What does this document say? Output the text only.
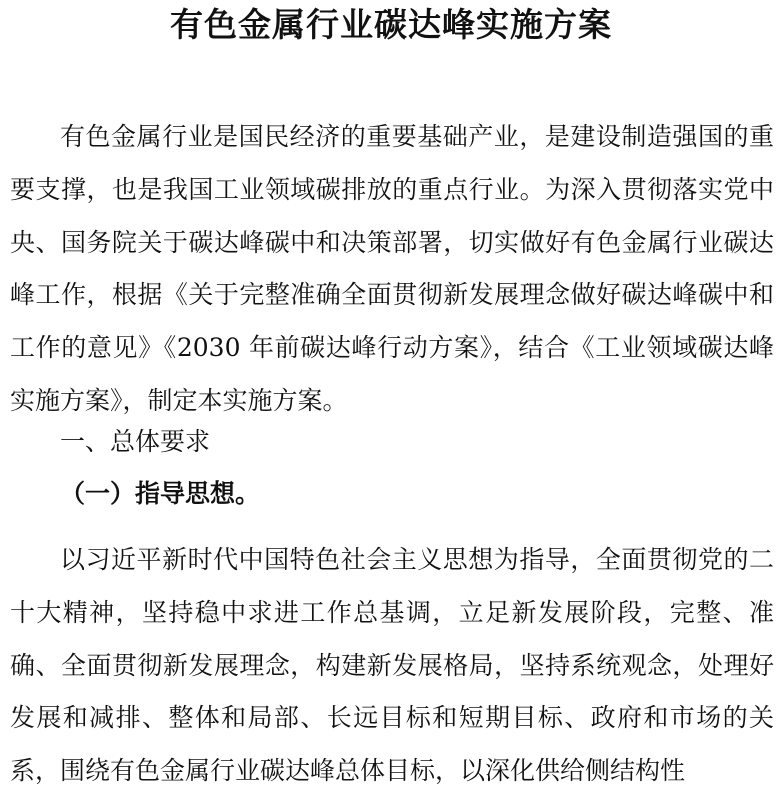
有色金属行业碳达峰实施方案

有色金属行业是国民经济的重要基础产业，是建设制造强国的重要支撑，也是我国工业领域碳排放的重点行业。为深入贯彻落实党中央、国务院关于碳达峰碳中和决策部署，切实做好有色金属行业碳达峰工作，根据《关于完整准确全面贯彻新发展理念做好碳达峰碳中和工作的意见》《2030 年前碳达峰行动方案》，结合《工业领域碳达峰实施方案》，制定本实施方案。

一、总体要求
（一）指导思想。

以习近平新时代中国特色社会主义思想为指导，全面贯彻党的二十大精神，坚持稳中求进工作总基调，立足新发展阶段，完整、准确、全面贯彻新发展理念，构建新发展格局，坚持系统观念，处理好发展和减排、整体和局部、长远目标和短期目标、政府和市场的关系，围绕有色金属行业碳达峰总体目标，以深化供给侧结构性
